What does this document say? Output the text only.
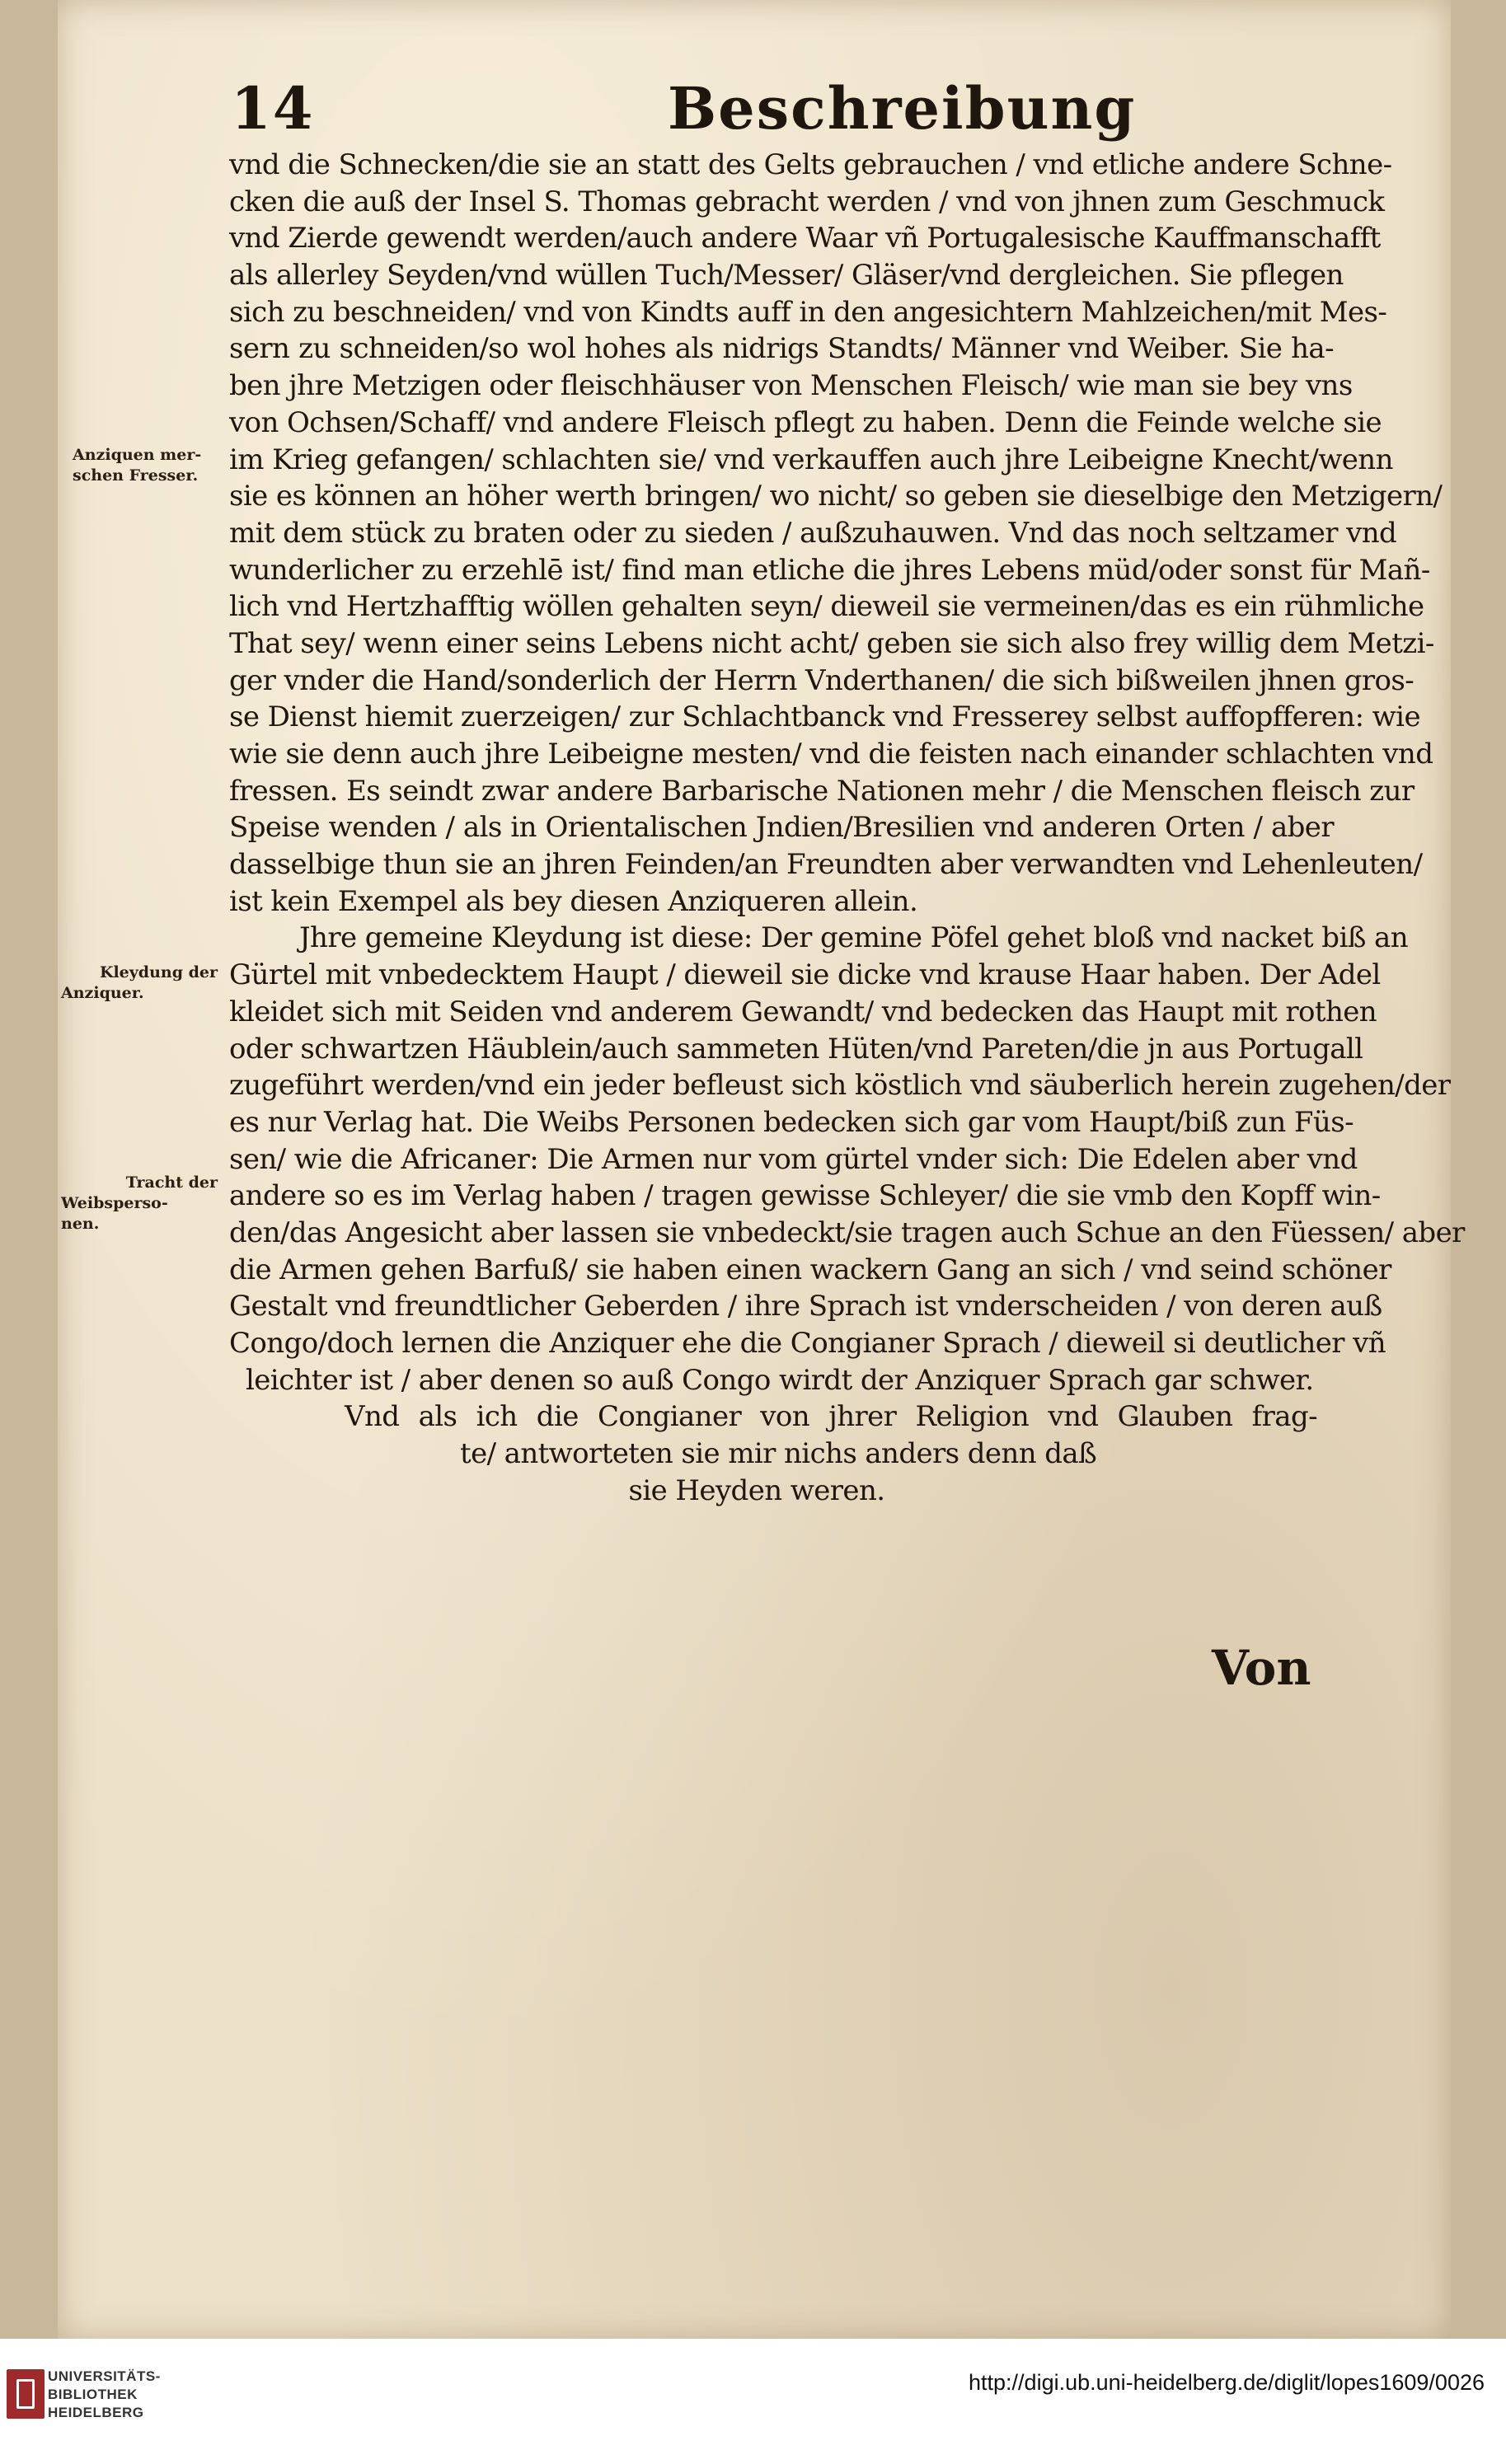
14	Beschreibung
Anziquen mer-
schen Fresser.
Kleydung der
Anziquer.
Tracht der
Weibsperso-
nen.
vnd die Schnecken/die sie an statt des Gelts gebrauchen / vnd etliche andere Schne-
cken die auß der Insel S. Thomas gebracht werden / vnd von jhnen zum Geschmuck
vnd Zierde gewendt werden/auch andere Waar vñ Portugalesische Kauffmanschafft
als allerley Seyden/vnd wüllen Tuch/Messer/ Gläser/vnd dergleichen. Sie pflegen
sich zu beschneiden/ vnd von Kindts auff in den angesichtern Mahlzeichen/mit Mes-
sern zu schneiden/so wol hohes als nidrigs Standts/ Männer vnd Weiber. Sie ha-
ben jhre Metzigen oder fleischhäuser von Menschen Fleisch/ wie man sie bey vns
von Ochsen/Schaff/ vnd andere Fleisch pflegt zu haben. Denn die Feinde welche sie
im Krieg gefangen/ schlachten sie/ vnd verkauffen auch jhre Leibeigne Knecht/wenn
sie es können an höher werth bringen/ wo nicht/ so geben sie dieselbige den Metzigern/
mit dem stück zu braten oder zu sieden / außzuhauwen. Vnd das noch seltzamer vnd
wunderlicher zu erzehlē ist/ find man etliche die jhres Lebens müd/oder sonst für Mañ-
lich vnd Hertzhafftig wöllen gehalten seyn/ dieweil sie vermeinen/das es ein rühmliche
That sey/ wenn einer seins Lebens nicht acht/ geben sie sich also frey willig dem Metzi-
ger vnder die Hand/sonderlich der Herrn Vnderthanen/ die sich bißweilen jhnen gros-
se Dienst hiemit zuerzeigen/ zur Schlachtbanck vnd Fresserey selbst auffopfferen: wie
wie sie denn auch jhre Leibeigne mesten/ vnd die feisten nach einander schlachten vnd
fressen. Es seindt zwar andere Barbarische Nationen mehr / die Menschen fleisch zur
Speise wenden / als in Orientalischen Jndien/Bresilien vnd anderen Orten / aber
dasselbige thun sie an jhren Feinden/an Freundten aber verwandten vnd Lehenleuten/
ist kein Exempel als bey diesen Anziqueren allein.
Jhre gemeine Kleydung ist diese: Der gemine Pöfel gehet bloß vnd nacket biß an
Gürtel mit vnbedecktem Haupt / dieweil sie dicke vnd krause Haar haben. Der Adel
kleidet sich mit Seiden vnd anderem Gewandt/ vnd bedecken das Haupt mit rothen
oder schwartzen Häublein/auch sammeten Hüten/vnd Pareten/die jn aus Portugall
zugeführt werden/vnd ein jeder befleust sich köstlich vnd säuberlich herein zugehen/der
es nur Verlag hat. Die Weibs Personen bedecken sich gar vom Haupt/biß zun Füs-
sen/ wie die Africaner: Die Armen nur vom gürtel vnder sich: Die Edelen aber vnd
andere so es im Verlag haben / tragen gewisse Schleyer/ die sie vmb den Kopff win-
den/das Angesicht aber lassen sie vnbedeckt/sie tragen auch Schue an den Füessen/ aber
die Armen gehen Barfuß/ sie haben einen wackern Gang an sich / vnd seind schöner
Gestalt vnd freundtlicher Geberden / ihre Sprach ist vnderscheiden / von deren auß
Congo/doch lernen die Anziquer ehe die Congianer Sprach / dieweil si deutlicher vñ
leichter ist / aber denen so auß Congo wirdt der Anziquer Sprach gar schwer.
Vnd als ich die Congianer von jhrer Religion vnd Glauben frag-
te/ antworteten sie mir nichs anders denn daß
sie Heyden weren.
Von
UNIVERSITÄTS-
BIBLIOTHEK
HEIDELBERG
http://digi.ub.uni-heidelberg.de/diglit/lopes1609/0026
